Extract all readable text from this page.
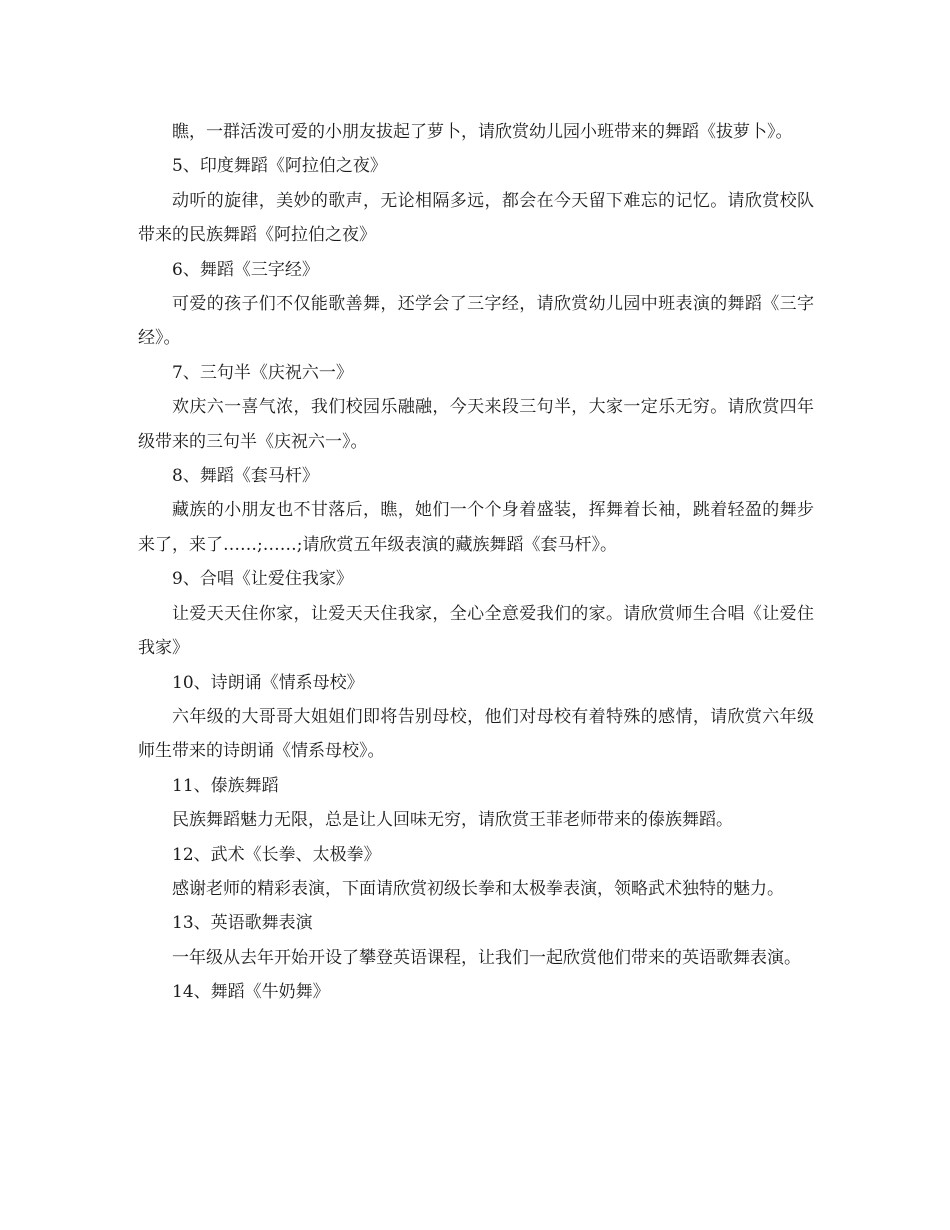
瞧，一群活泼可爱的小朋友拔起了萝卜，请欣赏幼儿园小班带来的舞蹈《拔萝卜》。

5、印度舞蹈《阿拉伯之夜》

动听的旋律，美妙的歌声，无论相隔多远，都会在今天留下难忘的记忆。请欣赏校队带来的民族舞蹈《阿拉伯之夜》

6、舞蹈《三字经》

可爱的孩子们不仅能歌善舞，还学会了三字经，请欣赏幼儿园中班表演的舞蹈《三字经》。

7、三句半《庆祝六一》

欢庆六一喜气浓，我们校园乐融融，今天来段三句半，大家一定乐无穷。请欣赏四年级带来的三句半《庆祝六一》。

8、舞蹈《套马杆》

藏族的小朋友也不甘落后，瞧，她们一个个身着盛装，挥舞着长袖，跳着轻盈的舞步来了，来了……;……;请欣赏五年级表演的藏族舞蹈《套马杆》。

9、合唱《让爱住我家》

让爱天天住你家，让爱天天住我家，全心全意爱我们的家。请欣赏师生合唱《让爱住我家》

10、诗朗诵《情系母校》

六年级的大哥哥大姐姐们即将告别母校，他们对母校有着特殊的感情，请欣赏六年级师生带来的诗朗诵《情系母校》。

11、傣族舞蹈

民族舞蹈魅力无限，总是让人回味无穷，请欣赏王菲老师带来的傣族舞蹈。

12、武术《长拳、太极拳》

感谢老师的精彩表演，下面请欣赏初级长拳和太极拳表演，领略武术独特的魅力。

13、英语歌舞表演

一年级从去年开始开设了攀登英语课程，让我们一起欣赏他们带来的英语歌舞表演。

14、舞蹈《牛奶舞》
